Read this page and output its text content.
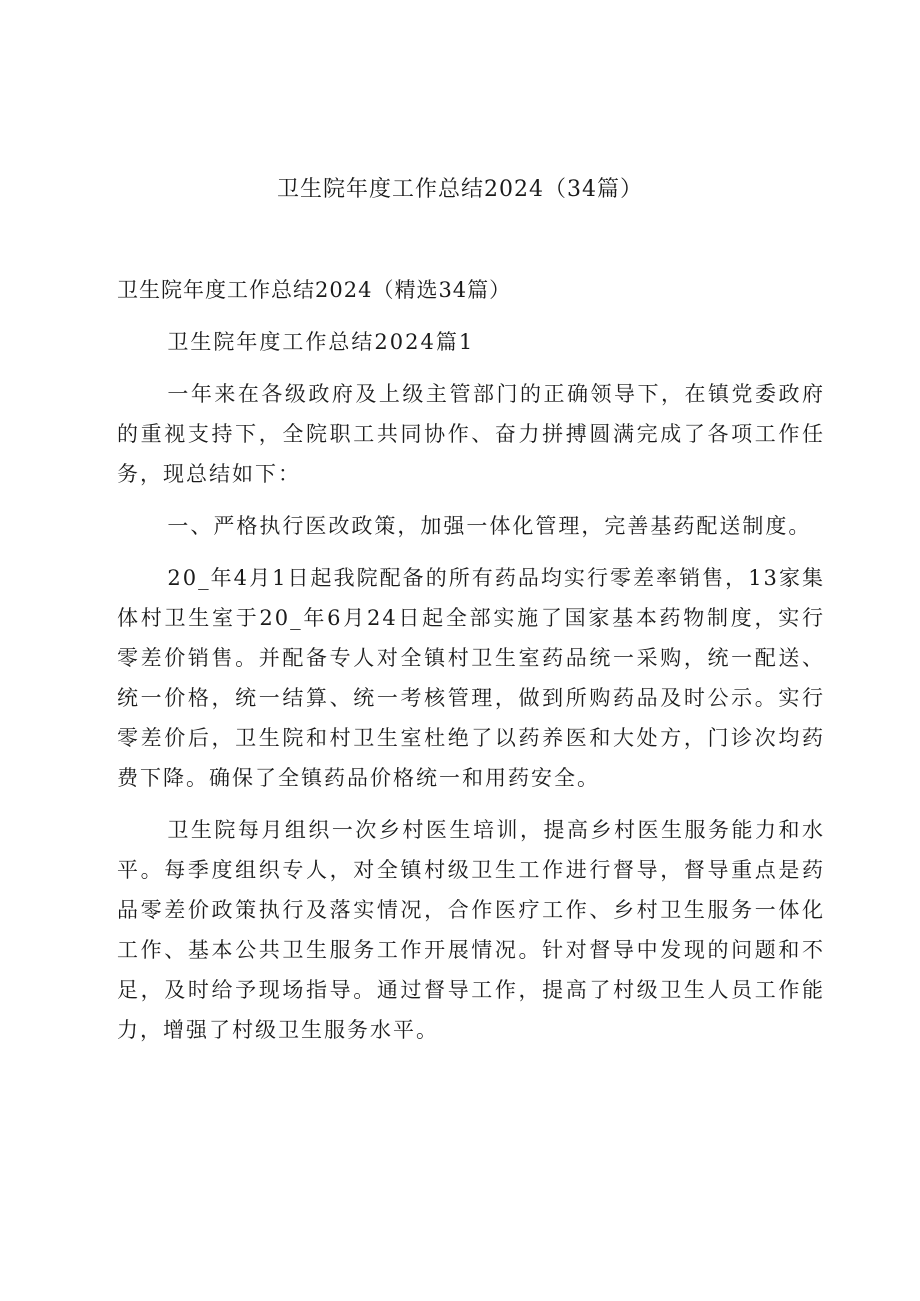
卫生院年度工作总结2024（34篇）

卫生院年度工作总结2024（精选34篇）

卫生院年度工作总结2024篇1

一年来在各级政府及上级主管部门的正确领导下，在镇党委政府的重视支持下，全院职工共同协作、奋力拼搏圆满完成了各项工作任务，现总结如下：

一、严格执行医改政策，加强一体化管理，完善基药配送制度。

20_年4月1日起我院配备的所有药品均实行零差率销售，13家集体村卫生室于20_年6月24日起全部实施了国家基本药物制度，实行零差价销售。并配备专人对全镇村卫生室药品统一采购，统一配送、统一价格，统一结算、统一考核管理，做到所购药品及时公示。实行零差价后，卫生院和村卫生室杜绝了以药养医和大处方，门诊次均药费下降。确保了全镇药品价格统一和用药安全。

卫生院每月组织一次乡村医生培训，提高乡村医生服务能力和水平。每季度组织专人，对全镇村级卫生工作进行督导，督导重点是药品零差价政策执行及落实情况，合作医疗工作、乡村卫生服务一体化工作、基本公共卫生服务工作开展情况。针对督导中发现的问题和不足，及时给予现场指导。通过督导工作，提高了村级卫生人员工作能力，增强了村级卫生服务水平。
